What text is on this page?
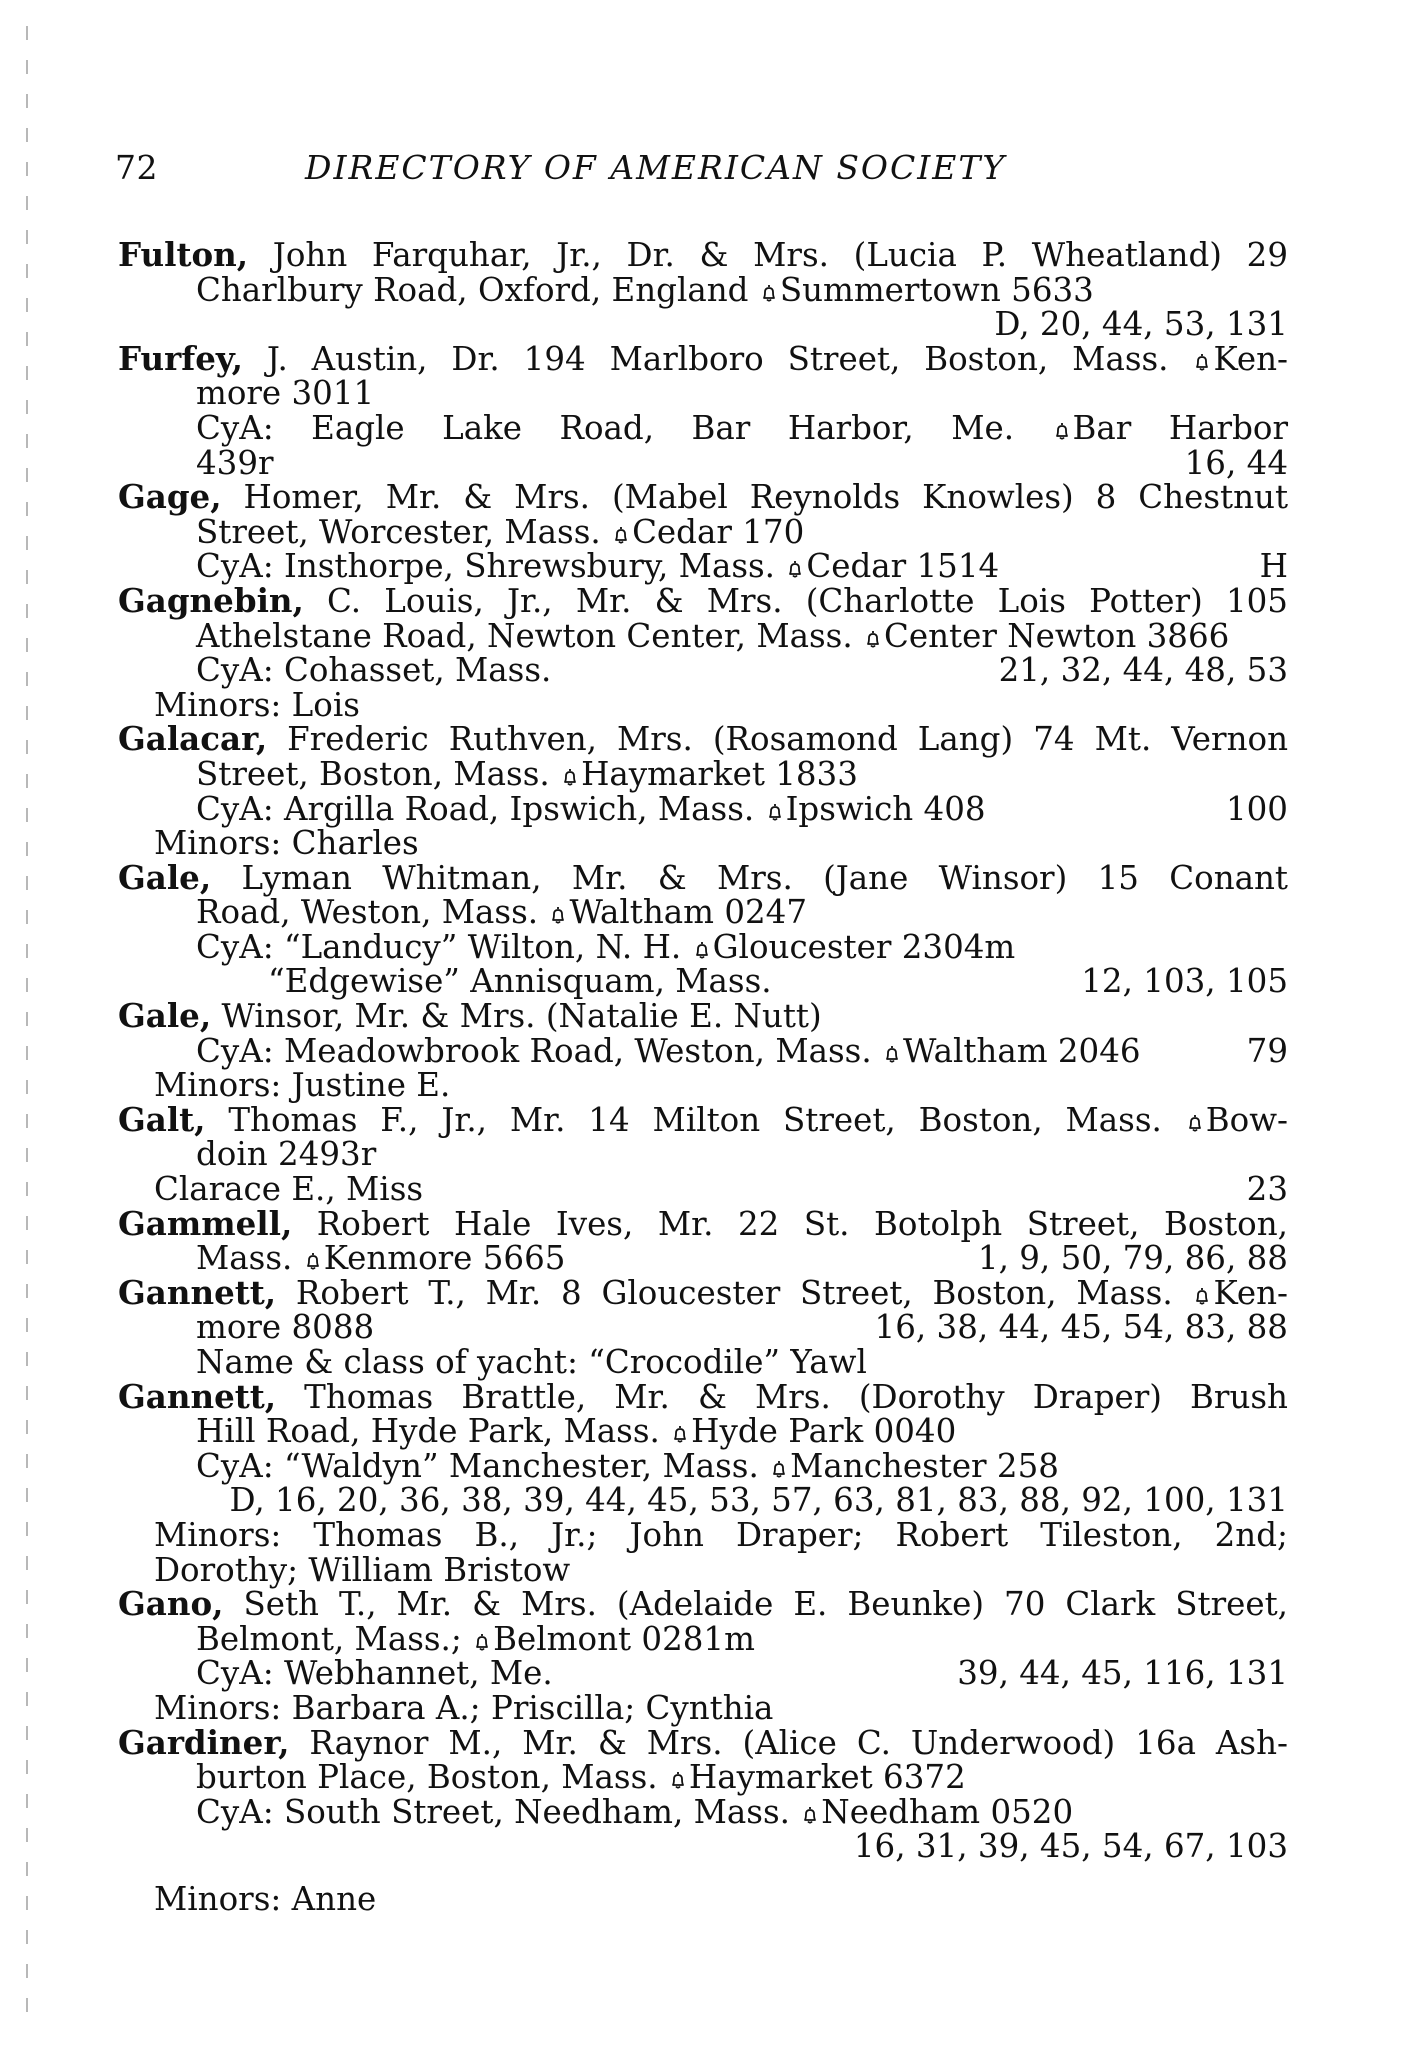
72	DIRECTORY OF AMERICAN SOCIETY
Fulton, John Farquhar, Jr., Dr. & Mrs. (Lucia P. Wheatland) 29
Charlbury Road, Oxford, England
Summertown 5633
D, 20, 44, 53, 131
Furfey, J. Austin, Dr. 194 Marlboro Street, Boston, Mass.
Ken-
more 3011
CyA: Eagle Lake Road, Bar Harbor, Me.
Bar Harbor
439r	16, 44
Gage, Homer, Mr. & Mrs. (Mabel Reynolds Knowles) 8 Chestnut
Street, Worcester, Mass.
Cedar 170
CyA: Insthorpe, Shrewsbury, Mass.
Cedar 1514	H
Gagnebin, C. Louis, Jr., Mr. & Mrs. (Charlotte Lois Potter) 105
Athelstane Road, Newton Center, Mass.
Center Newton 3866
CyA: Cohasset, Mass.	21, 32, 44, 48, 53
Minors: Lois
Galacar, Frederic Ruthven, Mrs. (Rosamond Lang) 74 Mt. Vernon
Street, Boston, Mass.
Haymarket 1833
CyA: Argilla Road, Ipswich, Mass.
Ipswich 408	100
Minors: Charles
Gale, Lyman Whitman, Mr. & Mrs. (Jane Winsor) 15 Conant
Road, Weston, Mass.
Waltham 0247
CyA: “Landucy” Wilton, N. H.
Gloucester 2304m
“Edgewise” Annisquam, Mass.	12, 103, 105
Gale, Winsor, Mr. & Mrs. (Natalie E. Nutt)
CyA: Meadowbrook Road, Weston, Mass.
Waltham 2046	79
Minors: Justine E.
Galt, Thomas F., Jr., Mr. 14 Milton Street, Boston, Mass.
Bow-
doin 2493r
Clarace E., Miss	23
Gammell, Robert Hale Ives, Mr. 22 St. Botolph Street, Boston,
Mass.
Kenmore 5665	1, 9, 50, 79, 86, 88
Gannett, Robert T., Mr. 8 Gloucester Street, Boston, Mass.
Ken-
more 8088	16, 38, 44, 45, 54, 83, 88
Name & class of yacht: “Crocodile” Yawl
Gannett, Thomas Brattle, Mr. & Mrs. (Dorothy Draper) Brush
Hill Road, Hyde Park, Mass.
Hyde Park 0040
CyA: “Waldyn” Manchester, Mass.
Manchester 258
D, 16, 20, 36, 38, 39, 44, 45, 53, 57, 63, 81, 83, 88, 92, 100, 131
Minors: Thomas B., Jr.; John Draper; Robert Tileston, 2nd;
Dorothy; William Bristow
Gano, Seth T., Mr. & Mrs. (Adelaide E. Beunke) 70 Clark Street,
Belmont, Mass.;
Belmont 0281m
CyA: Webhannet, Me.	39, 44, 45, 116, 131
Minors: Barbara A.; Priscilla; Cynthia
Gardiner, Raynor M., Mr. & Mrs. (Alice C. Underwood) 16a Ash-
burton Place, Boston, Mass.
Haymarket 6372
CyA: South Street, Needham, Mass.
Needham 0520
16, 31, 39, 45, 54, 67, 103
Minors: Anne
